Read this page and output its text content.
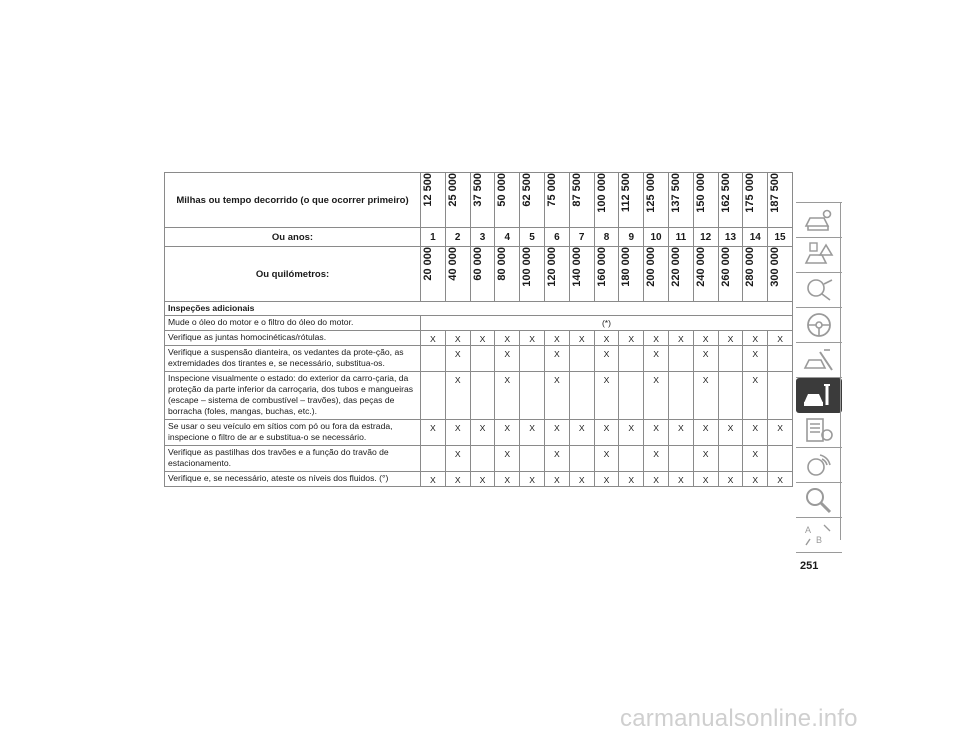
Milhas ou tempo decorrido (o que ocorrer primeiro)	12 500	25 000	37 500	50 000	62 500	75 000	87 500	100 000	112 500	125 000	137 500	150 000	162 500	175 000	187 500

Ou anos:	1	2	3	4	5	6	7	8	9	10	11	12	13	14	15
Ou quilómetros:	20 000	40 000	60 000	80 000	100 000	120 000	140 000	160 000	180 000	200 000	220 000	240 000	260 000	280 000	300 000

Inspeções adicionais															
Mude o óleo do motor e o filtro do óleo do motor.	(*)														
Verifique as juntas homocinéticas/rótulas.	X	X	X	X	X	X	X	X	X	X	X	X	X	X	X
Verifique a suspensão dianteira, os vedantes da prote-ção, as extremidades dos tirantes e, se necessário, substitua-os.		X		X		X		X		X		X		X	
Inspecione visualmente o estado: do exterior da carro-çaria, da proteção da parte inferior da carroçaria, dos tubos e mangueiras (escape – sistema de combustível – travões), das peças de borracha (foles, mangas, buchas, etc.).		X		X		X		X		X		X		X	
Se usar o seu veículo em sítios com pó ou fora da estrada, inspecione o filtro de ar e substitua-o se necessário.	X	X	X	X	X	X	X	X	X	X	X	X	X	X	X
Verifique as pastilhas dos travões e a função do travão de estacionamento.		X		X		X		X		X		X		X	
Verifique e, se necessário, ateste os níveis dos fluidos. (°)	X	X	X	X	X	X	X	X	X	X	X	X	X	X	X
A
B
251
carmanualsonline.info
